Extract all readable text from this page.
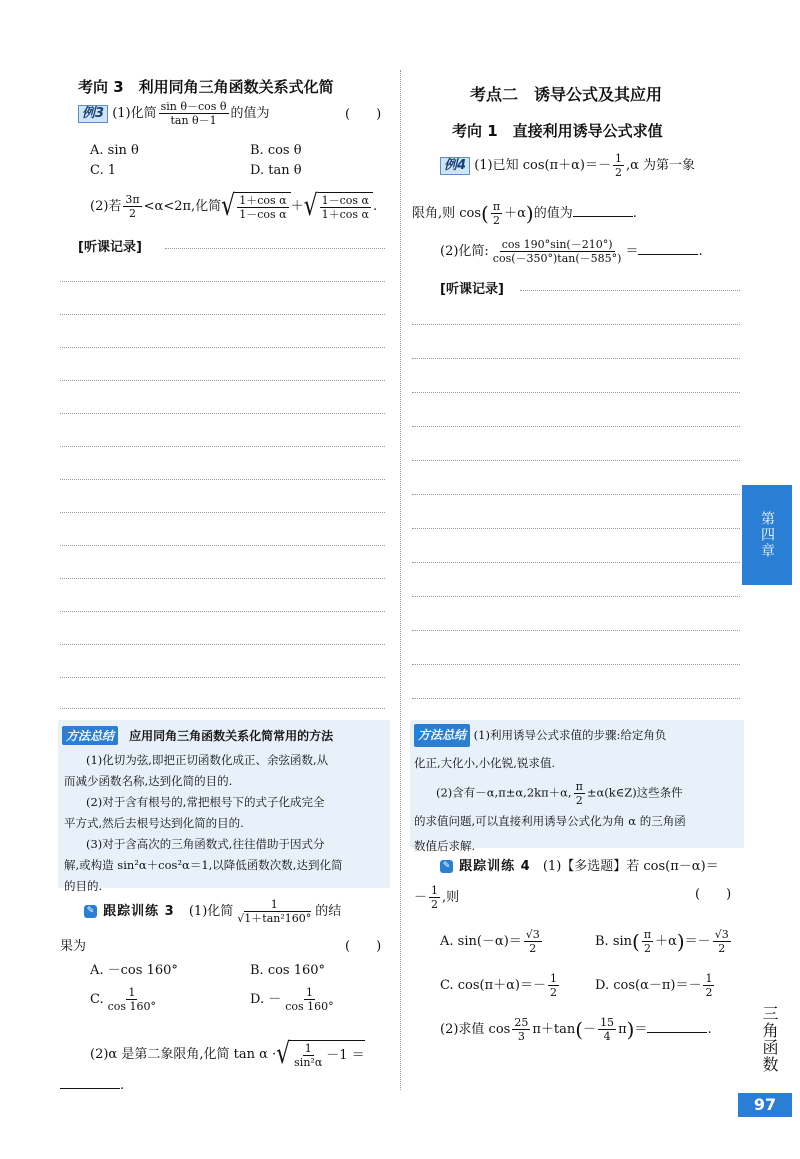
考向 3　利用同角三角函数关系式化简
例3 (1)化简 $\frac{\text{sin θ－cos θ}}{\text{tan θ－1}}$ 的值为	(　　)
A. sin θ	B. cos θ
C. 1	D. tan θ
(2)若 $\frac{3\pi}{2} <\alpha<2\pi$,化简 √ $\frac{\text{1＋cos α}}{\text{1－cos α}}$ ＋ √ $\frac{\text{1－cos α}}{\text{1＋cos α}}$ .
[听课记录]
方法总结 应用同角三角函数关系化简常用的方法
(1)化切为弦,即把正切函数化成正、余弦函数,从
而减少函数名称,达到化简的目的.
(2)对于含有根号的,常把根号下的式子化成完全
平方式,然后去根号达到化简的目的.
(3)对于含高次的三角函数式,往往借助于因式分
解,或构造 sin²α＋cos²α＝1,以降低函数次数,达到化简
的目的.
✎ 跟踪训练 3 (1)化简 $\frac{1}{\text{√1＋tan²160°}}$ 的结
果为	(　　)
A. －cos 160°	B. cos 160°
C. $\frac{1}{\cos 160^\circ}$	D. － $\frac{1}{\cos 160^\circ}$
(2)α 是第二象限角,化简 tan α · √ $\frac{1}{\text{sin²α}} -1$ ＝
.
考点二　诱导公式及其应用
考向 1　直接利用诱导公式求值
例4 (1)已知 $\cos(\pi+\alpha)=- \frac{1}{2} ,\alpha$ 为第一象
限角,则 $\cos( \frac{\pi}{2} +\alpha)$的值为	.
(2)化简: $\frac{\cos 190^\circ\sin(-210^\circ)}{\cos(-350^\circ)\tan(-585^\circ)}$ ＝	.
[听课记录]
方法总结 (1)利用诱导公式求值的步骤:给定角负
化正,大化小,小化锐,锐求值.
(2)含有－α,π±α,2kπ＋α, $\frac{\pi}{2}$ ±α(k∈Z)这些条件
的求值问题,可以直接利用诱导公式化为角 α 的三角函
数值后求解.
✎ 跟踪训练 4 (1)【多选题】若 cos(π－α)＝
－ $\frac{1}{2}$ ,则	(　　)
A. $\sin(-\alpha)= \frac{√3}{2}$	B. $\sin( \frac{\pi}{2} +\alpha)=- \frac{√3}{2}$
C. $\cos(\pi+\alpha)=- \frac{1}{2}$	D. $\cos(\alpha-\pi)=- \frac{1}{2}$
(2)求值 $\cos \frac{25}{3} \pi+\tan(- \frac{15}{4} \pi)=$	.
第四章
三角函数
97
